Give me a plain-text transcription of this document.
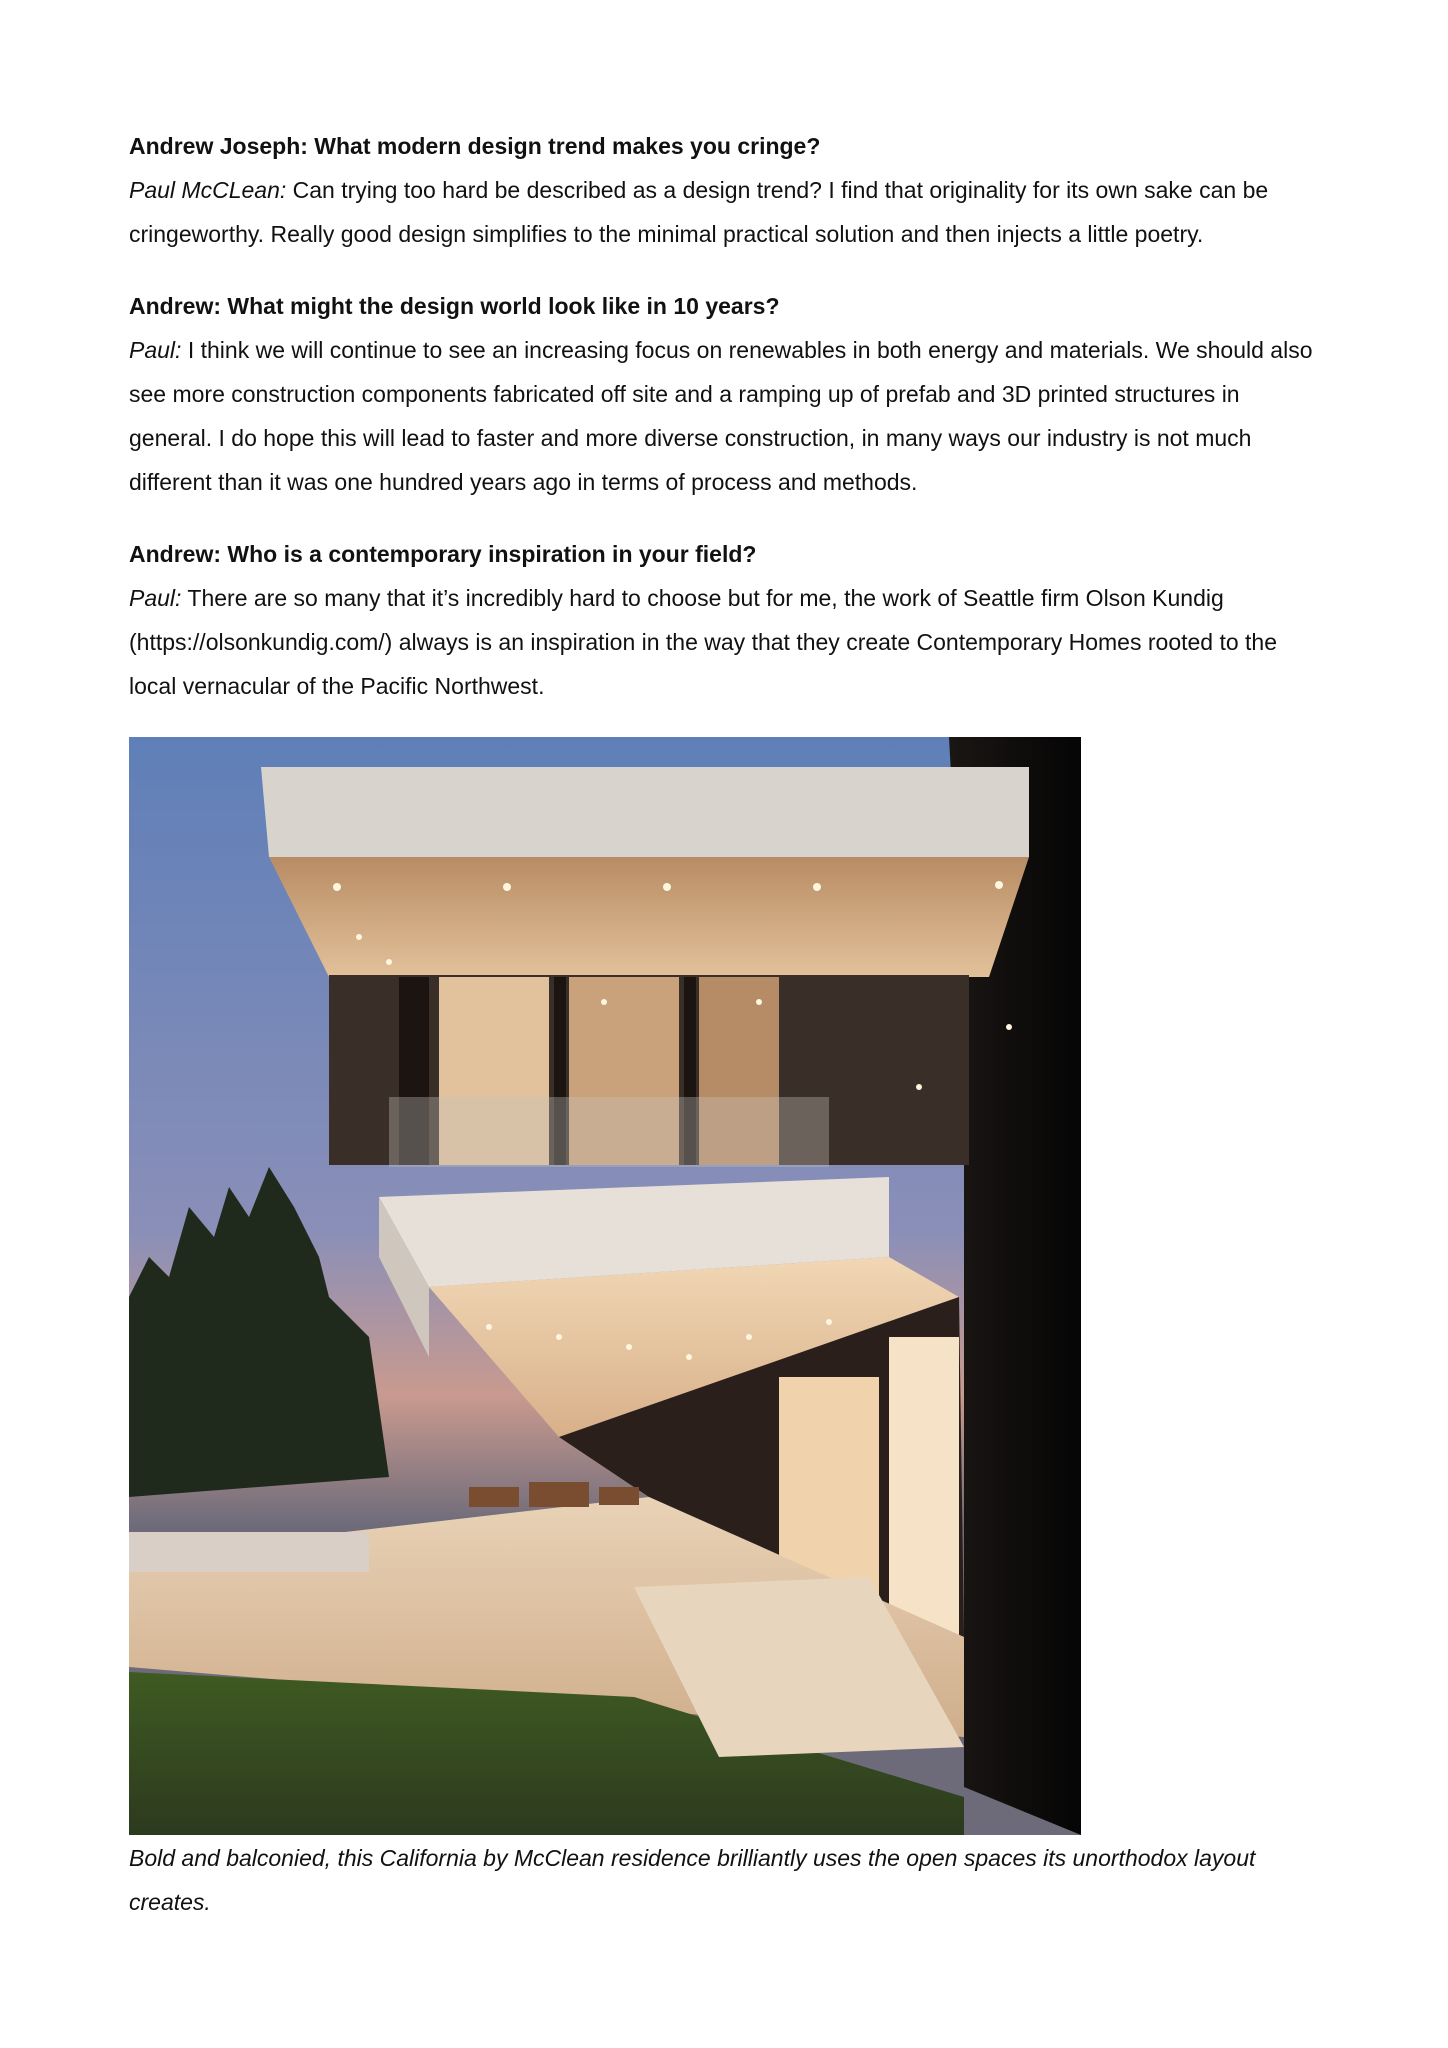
Andrew Joseph: What modern design trend makes you cringe?

Paul McCLean: Can trying too hard be described as a design trend? I find that originality for its own sake can be cringeworthy. Really good design simplifies to the minimal practical solution and then injects a little poetry.

Andrew: What might the design world look like in 10 years?

Paul: I think we will continue to see an increasing focus on renewables in both energy and materials. We should also see more construction components fabricated off site and a ramping up of prefab and 3D printed structures in general. I do hope this will lead to faster and more diverse construction, in many ways our industry is not much different than it was one hundred years ago in terms of process and methods.

Andrew: Who is a contemporary inspiration in your field?

Paul: There are so many that it’s incredibly hard to choose but for me, the work of Seattle firm Olson Kundig (https://olsonkundig.com/) always is an inspiration in the way that they create Contemporary Homes rooted to the local vernacular of the Pacific Northwest.

Bold and balconied, this California by McClean residence brilliantly uses the open spaces its unorthodox layout creates.
